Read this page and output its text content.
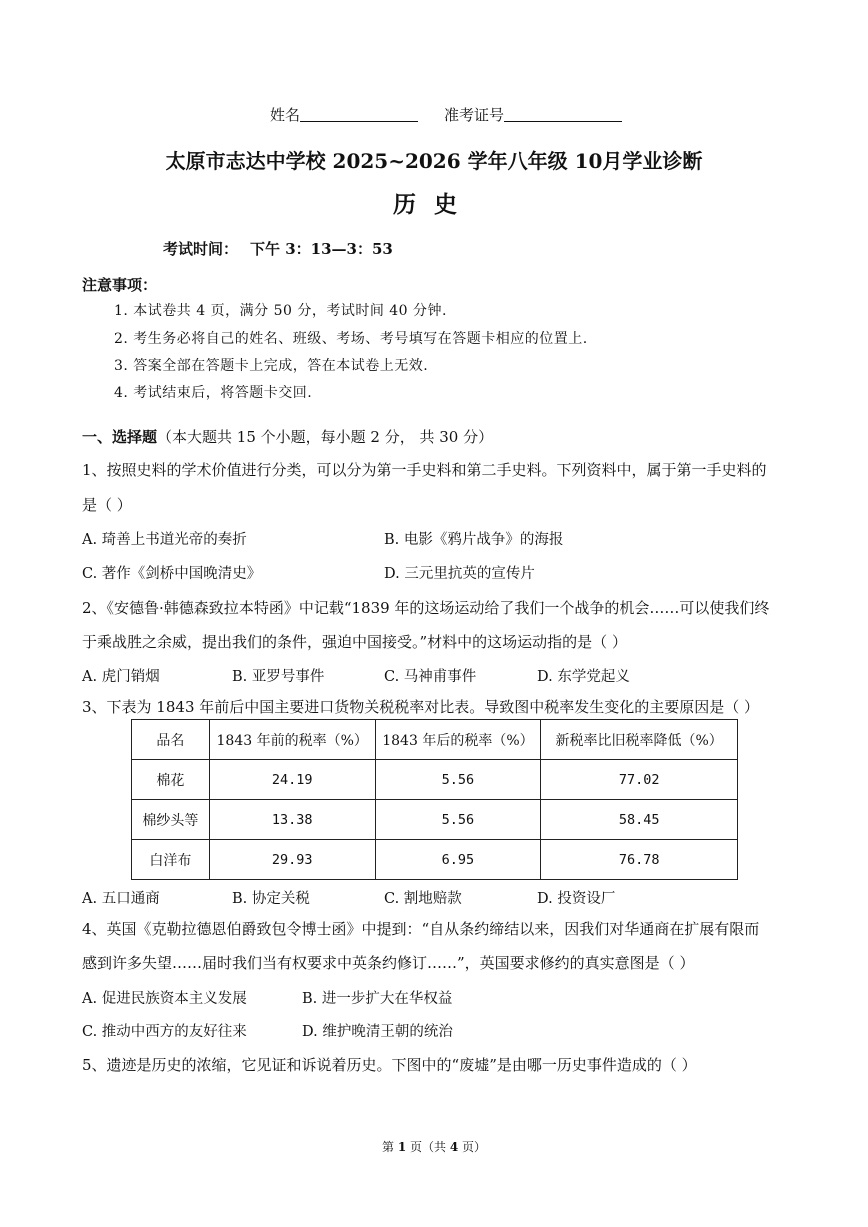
姓名	准考证号
太原市志达中学校 2025~2026 学年八年级 10月学业诊断
历史
考试时间： 下午 3：13—3：53
注意事项：
1. 本试卷共 4 页，满分 50 分，考试时间 40 分钟.
2. 考生务必将自己的姓名、班级、考场、考号填写在答题卡相应的位置上.
3. 答案全部在答题卡上完成，答在本试卷上无效.
4. 考试结束后，将答题卡交回.
一、选择题（本大题共 15 个小题，每小题 2 分， 共 30 分）
1、按照史料的学术价值进行分类，可以分为第一手史料和第二手史料。下列资料中，属于第一手史料的
是（ ）
A. 琦善上书道光帝的奏折	B. 电影《鸦片战争》的海报
C. 著作《剑桥中国晚清史》	D. 三元里抗英的宣传片
2、《安德鲁·韩德森致拉本特函》中记载“1839 年的这场运动给了我们一个战争的机会……可以使我们终
于乘战胜之余威，提出我们的条件，强迫中国接受。”材料中的这场运动指的是（ ）
A. 虎门销烟	B. 亚罗号事件	C. 马神甫事件	D. 东学党起义
3、下表为 1843 年前后中国主要进口货物关税税率对比表。导致图中税率发生变化的主要原因是（ ）
品名	1843 年前的税率（%）	1843 年后的税率（%）	新税率比旧税率降低（%）
棉花	24.19	5.56	77.02
棉纱头等	13.38	5.56	58.45
白洋布	29.93	6.95	76.78
A. 五口通商	B. 协定关税	C. 割地赔款	D. 投资设厂
4、英国《克勒拉德恩伯爵致包令博士函》中提到：“自从条约缔结以来，因我们对华通商在扩展有限而
感到许多失望……届时我们当有权要求中英条约修订……”，英国要求修约的真实意图是（ ）
A. 促进民族资本主义发展	B. 进一步扩大在华权益
C. 推动中西方的友好往来	D. 维护晚清王朝的统治
5、遗迹是历史的浓缩，它见证和诉说着历史。下图中的“废墟”是由哪一历史事件造成的（ ）
第 1 页（共 4 页）
